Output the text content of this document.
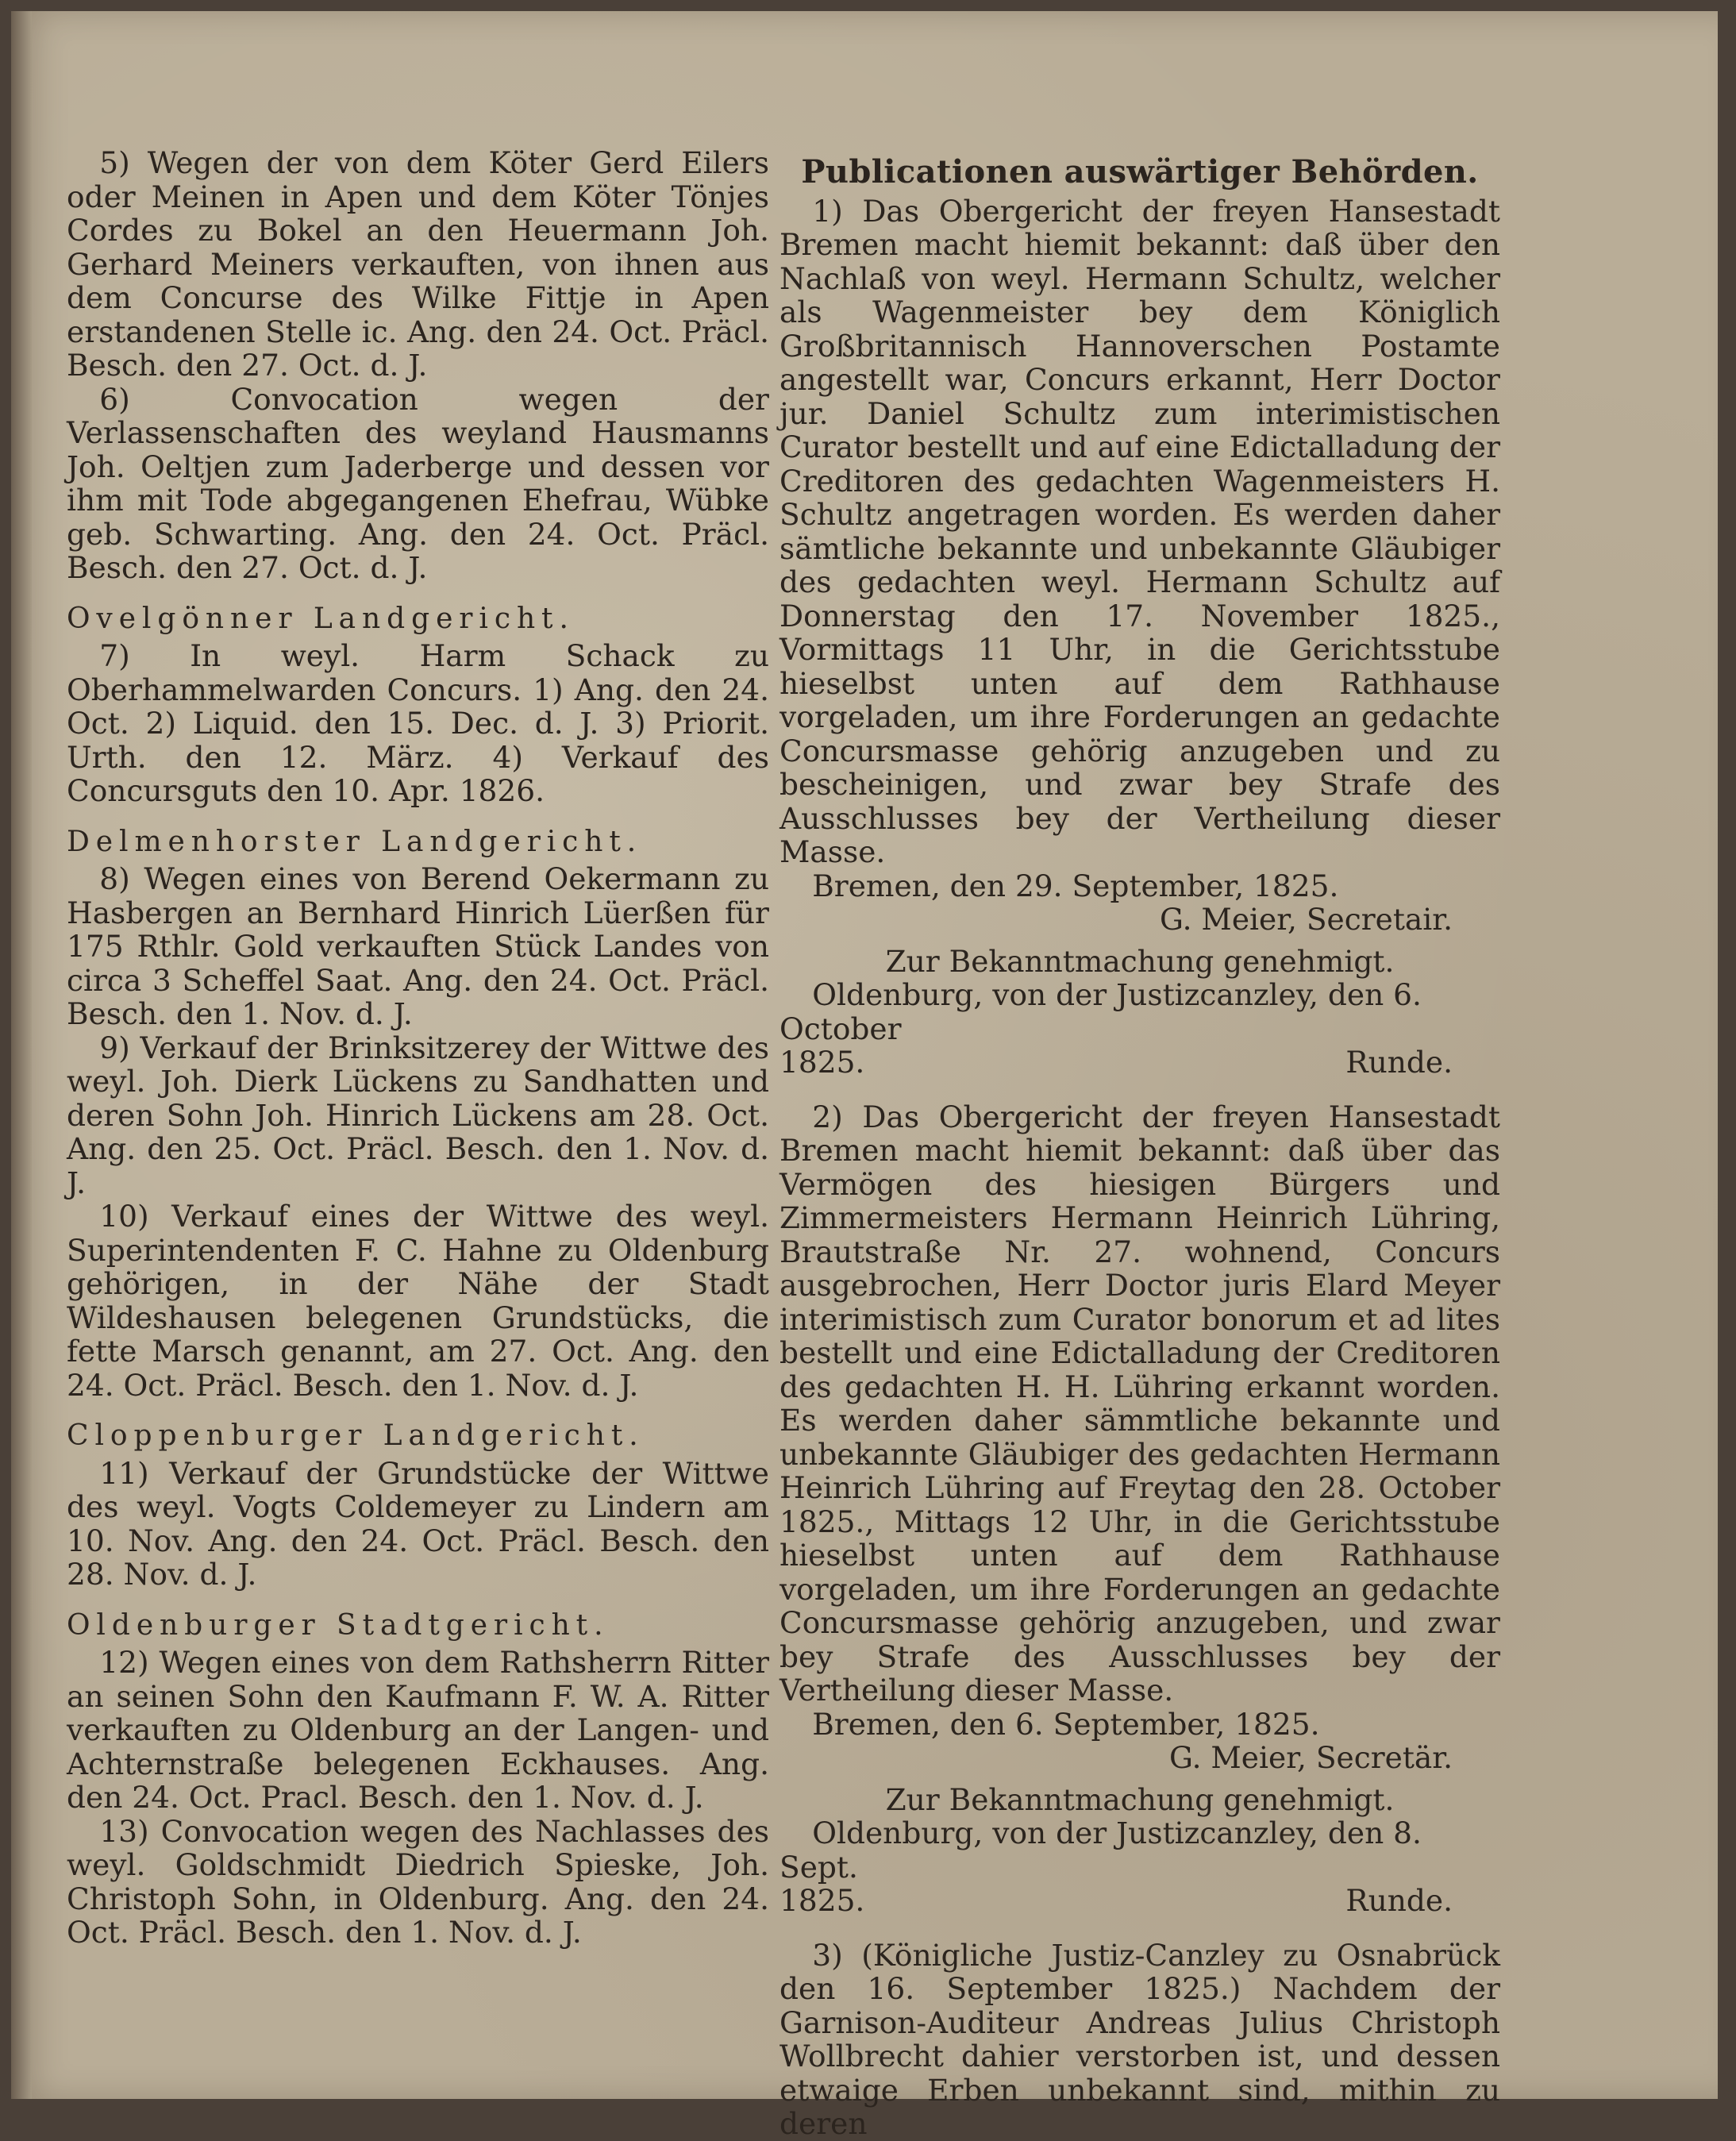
5) Wegen der von dem Köter Gerd Eilers oder Meinen in Apen und dem Köter Tönjes Cordes zu Bokel an den Heuermann Joh. Gerhard Meiners verkauften, von ihnen aus dem Concurse des Wilke Fittje in Apen erstandenen Stelle ic. Ang. den 24. Oct. Präcl. Besch. den 27. Oct. d. J.

6) Convocation wegen der Verlassenschaften des weyland Hausmanns Joh. Oeltjen zum Jaderberge und dessen vor ihm mit Tode abgegangenen Ehefrau, Wübke geb. Schwarting. Ang. den 24. Oct. Präcl. Besch. den 27. Oct. d. J.

Ovelgönner Landgericht.

7) In weyl. Harm Schack zu Oberhammelwarden Concurs. 1) Ang. den 24. Oct. 2) Liquid. den 15. Dec. d. J. 3) Priorit. Urth. den 12. März. 4) Verkauf des Concursguts den 10. Apr. 1826.

Delmenhorster Landgericht.

8) Wegen eines von Berend Oekermann zu Hasbergen an Bernhard Hinrich Lüerßen für 175 Rthlr. Gold verkauften Stück Landes von circa 3 Scheffel Saat. Ang. den 24. Oct. Präcl. Besch. den 1. Nov. d. J.

9) Verkauf der Brinksitzerey der Wittwe des weyl. Joh. Dierk Lückens zu Sandhatten und deren Sohn Joh. Hinrich Lückens am 28. Oct. Ang. den 25. Oct. Präcl. Besch. den 1. Nov. d. J.

10) Verkauf eines der Wittwe des weyl. Superintendenten F. C. Hahne zu Oldenburg gehörigen, in der Nähe der Stadt Wildeshausen belegenen Grundstücks, die fette Marsch genannt, am 27. Oct. Ang. den 24. Oct. Präcl. Besch. den 1. Nov. d. J.

Cloppenburger Landgericht.

11) Verkauf der Grundstücke der Wittwe des weyl. Vogts Coldemeyer zu Lindern am 10. Nov. Ang. den 24. Oct. Präcl. Besch. den 28. Nov. d. J.

Oldenburger Stadtgericht.

12) Wegen eines von dem Rathsherrn Ritter an seinen Sohn den Kaufmann F. W. A. Ritter verkauften zu Oldenburg an der Langen- und Achternstraße belegenen Eckhauses. Ang. den 24. Oct. Pracl. Besch. den 1. Nov. d. J.

13) Convocation wegen des Nachlasses des weyl. Goldschmidt Diedrich Spieske, Joh. Christoph Sohn, in Oldenburg. Ang. den 24. Oct. Präcl. Besch. den 1. Nov. d. J.

Publicationen auswärtiger Behörden.

1) Das Obergericht der freyen Hansestadt Bremen macht hiemit bekannt: daß über den Nachlaß von weyl. Hermann Schultz, welcher als Wagenmeister bey dem Königlich Großbritannisch Hannoverschen Postamte angestellt war, Concurs erkannt, Herr Doctor jur. Daniel Schultz zum interimistischen Curator bestellt und auf eine Edictalladung der Creditoren des gedachten Wagenmeisters H. Schultz angetragen worden. Es werden daher sämtliche bekannte und unbekannte Gläubiger des gedachten weyl. Hermann Schultz auf Donnerstag den 17. November 1825., Vormittags 11 Uhr, in die Gerichtsstube hieselbst unten auf dem Rathhause vorgeladen, um ihre Forderungen an gedachte Concursmasse gehörig anzugeben und zu bescheinigen, und zwar bey Strafe des Ausschlusses bey der Vertheilung dieser Masse.

Bremen, den 29. September, 1825.

G. Meier, Secretair.

Zur Bekanntmachung genehmigt.

Oldenburg, von der Justizcanzley, den 6. October

1825.	Runde.

2) Das Obergericht der freyen Hansestadt Bremen macht hiemit bekannt: daß über das Vermögen des hiesigen Bürgers und Zimmermeisters Hermann Heinrich Lühring, Brautstraße Nr. 27. wohnend, Concurs ausgebrochen, Herr Doctor juris Elard Meyer interimistisch zum Curator bonorum et ad lites bestellt und eine Edictalladung der Creditoren des gedachten H. H. Lühring erkannt worden. Es werden daher sämmtliche bekannte und unbekannte Gläubiger des gedachten Hermann Heinrich Lühring auf Freytag den 28. October 1825., Mittags 12 Uhr, in die Gerichtsstube hieselbst unten auf dem Rathhause vorgeladen, um ihre Forderungen an gedachte Concursmasse gehörig anzugeben, und zwar bey Strafe des Ausschlusses bey der Vertheilung dieser Masse.

Bremen, den 6. September, 1825.

G. Meier, Secretär.

Zur Bekanntmachung genehmigt.

Oldenburg, von der Justizcanzley, den 8. Sept.

1825.	Runde.

3) (Königliche Justiz-Canzley zu Osnabrück den 16. September 1825.) Nachdem der Garnison-Auditeur Andreas Julius Christoph Wollbrecht dahier verstorben ist, und dessen etwaige Erben unbekannt sind, mithin zu deren
